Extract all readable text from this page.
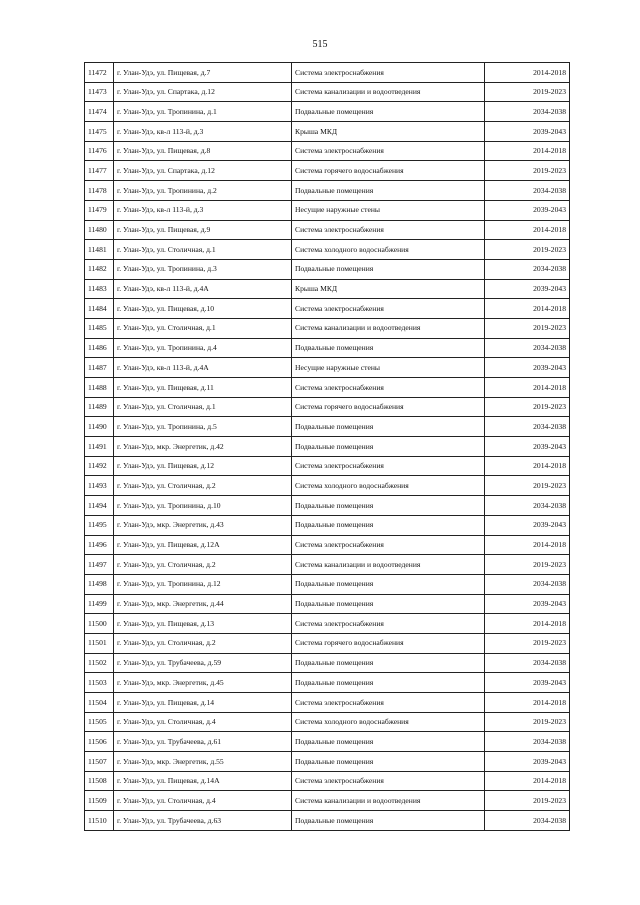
515
11472	г. Улан-Удэ, ул. Пищевая, д.7	Система электроснабжения	2014-2018
11473	г. Улан-Удэ, ул. Спартака, д.12	Система канализации и водоотведения	2019-2023
11474	г. Улан-Удэ, ул. Тропинина, д.1	Подвальные помещения	2034-2038
11475	г. Улан-Удэ, кв-л 113-й, д.3	Крыша МКД	2039-2043
11476	г. Улан-Удэ, ул. Пищевая, д.8	Система электроснабжения	2014-2018
11477	г. Улан-Удэ, ул. Спартака, д.12	Система горячего водоснабжения	2019-2023
11478	г. Улан-Удэ, ул. Тропинина, д.2	Подвальные помещения	2034-2038
11479	г. Улан-Удэ, кв-л 113-й, д.3	Несущие наружные стены	2039-2043
11480	г. Улан-Удэ, ул. Пищевая, д.9	Система электроснабжения	2014-2018
11481	г. Улан-Удэ, ул. Столичная, д.1	Система холодного водоснабжения	2019-2023
11482	г. Улан-Удэ, ул. Тропинина, д.3	Подвальные помещения	2034-2038
11483	г. Улан-Удэ, кв-л 113-й, д.4А	Крыша МКД	2039-2043
11484	г. Улан-Удэ, ул. Пищевая, д.10	Система электроснабжения	2014-2018
11485	г. Улан-Удэ, ул. Столичная, д.1	Система канализации и водоотведения	2019-2023
11486	г. Улан-Удэ, ул. Тропинина, д.4	Подвальные помещения	2034-2038
11487	г. Улан-Удэ, кв-л 113-й, д.4А	Несущие наружные стены	2039-2043
11488	г. Улан-Удэ, ул. Пищевая, д.11	Система электроснабжения	2014-2018
11489	г. Улан-Удэ, ул. Столичная, д.1	Система горячего водоснабжения	2019-2023
11490	г. Улан-Удэ, ул. Тропинина, д.5	Подвальные помещения	2034-2038
11491	г. Улан-Удэ, мкр. Энергетик, д.42	Подвальные помещения	2039-2043
11492	г. Улан-Удэ, ул. Пищевая, д.12	Система электроснабжения	2014-2018
11493	г. Улан-Удэ, ул. Столичная, д.2	Система холодного водоснабжения	2019-2023
11494	г. Улан-Удэ, ул. Тропинина, д.10	Подвальные помещения	2034-2038
11495	г. Улан-Удэ, мкр. Энергетик, д.43	Подвальные помещения	2039-2043
11496	г. Улан-Удэ, ул. Пищевая, д.12А	Система электроснабжения	2014-2018
11497	г. Улан-Удэ, ул. Столичная, д.2	Система канализации и водоотведения	2019-2023
11498	г. Улан-Удэ, ул. Тропинина, д.12	Подвальные помещения	2034-2038
11499	г. Улан-Удэ, мкр. Энергетик, д.44	Подвальные помещения	2039-2043
11500	г. Улан-Удэ, ул. Пищевая, д.13	Система электроснабжения	2014-2018
11501	г. Улан-Удэ, ул. Столичная, д.2	Система горячего водоснабжения	2019-2023
11502	г. Улан-Удэ, ул. Трубачеева, д.59	Подвальные помещения	2034-2038
11503	г. Улан-Удэ, мкр. Энергетик, д.45	Подвальные помещения	2039-2043
11504	г. Улан-Удэ, ул. Пищевая, д.14	Система электроснабжения	2014-2018
11505	г. Улан-Удэ, ул. Столичная, д.4	Система холодного водоснабжения	2019-2023
11506	г. Улан-Удэ, ул. Трубачеева, д.61	Подвальные помещения	2034-2038
11507	г. Улан-Удэ, мкр. Энергетик, д.55	Подвальные помещения	2039-2043
11508	г. Улан-Удэ, ул. Пищевая, д.14А	Система электроснабжения	2014-2018
11509	г. Улан-Удэ, ул. Столичная, д.4	Система канализации и водоотведения	2019-2023
11510	г. Улан-Удэ, ул. Трубачеева, д.63	Подвальные помещения	2034-2038
